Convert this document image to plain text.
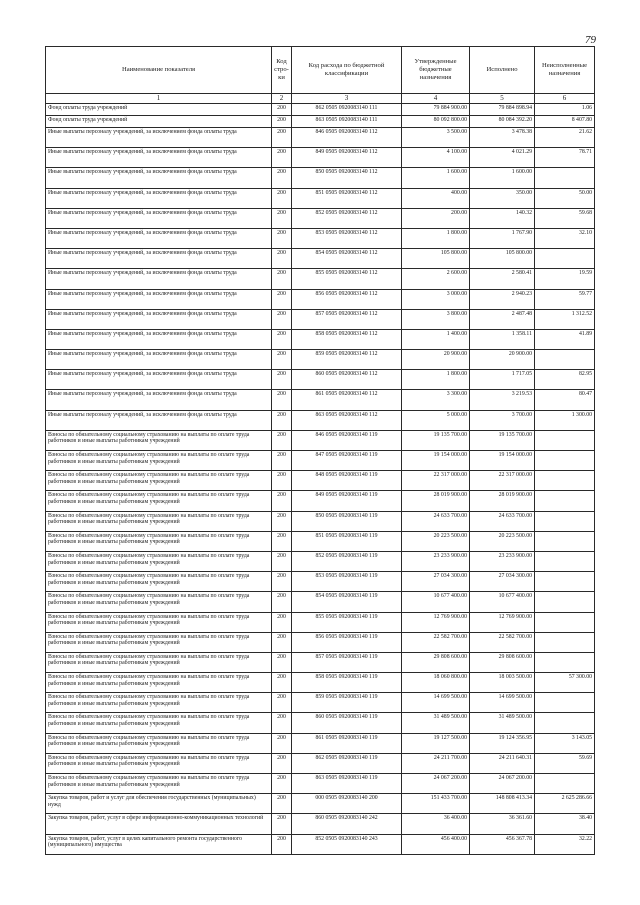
79
Наименование показателя	Код стро-ки	Код расхода по бюджетной классификации	Утвержденные бюджетные назначения	Исполнено	Неисполненные назначения
1	2	3	4	5	6
Фонд оплаты труда учреждений	200	862 0505 0920083140 111	79 884 900.00	79 884 898.94	1.06
Фонд оплаты труда учреждений	200	863 0505 0920083140 111	80 092 800.00	80 084 392.20	8 407.80
Иные выплаты персоналу учреждений, за исключением фонда оплаты труда	200	846 0505 0920083140 112	3 500.00	3 478.38	21.62
Иные выплаты персоналу учреждений, за исключением фонда оплаты труда	200	849 0505 0920083140 112	4 100.00	4 021.29	78.71
Иные выплаты персоналу учреждений, за исключением фонда оплаты труда	200	850 0505 0920083140 112	1 600.00	1 600.00	
Иные выплаты персоналу учреждений, за исключением фонда оплаты труда	200	851 0505 0920083140 112	400.00	350.00	50.00
Иные выплаты персоналу учреждений, за исключением фонда оплаты труда	200	852 0505 0920083140 112	200.00	140.32	59.68
Иные выплаты персоналу учреждений, за исключением фонда оплаты труда	200	853 0505 0920083140 112	1 800.00	1 767.90	32.10
Иные выплаты персоналу учреждений, за исключением фонда оплаты труда	200	854 0505 0920083140 112	105 800.00	105 800.00	
Иные выплаты персоналу учреждений, за исключением фонда оплаты труда	200	855 0505 0920083140 112	2 600.00	2 580.41	19.59
Иные выплаты персоналу учреждений, за исключением фонда оплаты труда	200	856 0505 0920083140 112	3 000.00	2 940.23	59.77
Иные выплаты персоналу учреждений, за исключением фонда оплаты труда	200	857 0505 0920083140 112	3 800.00	2 487.48	1 312.52
Иные выплаты персоналу учреждений, за исключением фонда оплаты труда	200	858 0505 0920083140 112	1 400.00	1 358.11	41.89
Иные выплаты персоналу учреждений, за исключением фонда оплаты труда	200	859 0505 0920083140 112	20 900.00	20 900.00	
Иные выплаты персоналу учреждений, за исключением фонда оплаты труда	200	860 0505 0920083140 112	1 800.00	1 717.05	82.95
Иные выплаты персоналу учреждений, за исключением фонда оплаты труда	200	861 0505 0920083140 112	3 300.00	3 219.53	80.47
Иные выплаты персоналу учреждений, за исключением фонда оплаты труда	200	863 0505 0920083140 112	5 000.00	3 700.00	1 300.00
Взносы по обязательному социальному страхованию на выплаты по оплате труда работников и иные выплаты работникам учреждений	200	846 0505 0920083140 119	19 135 700.00	19 135 700.00	
Взносы по обязательному социальному страхованию на выплаты по оплате труда работников и иные выплаты работникам учреждений	200	847 0505 0920083140 119	19 154 000.00	19 154 000.00	
Взносы по обязательному социальному страхованию на выплаты по оплате труда работников и иные выплаты работникам учреждений	200	848 0505 0920083140 119	22 317 000.00	22 317 000.00	
Взносы по обязательному социальному страхованию на выплаты по оплате труда работников и иные выплаты работникам учреждений	200	849 0505 0920083140 119	28 019 900.00	28 019 900.00	
Взносы по обязательному социальному страхованию на выплаты по оплате труда работников и иные выплаты работникам учреждений	200	850 0505 0920083140 119	24 633 700.00	24 633 700.00	
Взносы по обязательному социальному страхованию на выплаты по оплате труда работников и иные выплаты работникам учреждений	200	851 0505 0920083140 119	20 223 500.00	20 223 500.00	
Взносы по обязательному социальному страхованию на выплаты по оплате труда работников и иные выплаты работникам учреждений	200	852 0505 0920083140 119	23 233 900.00	23 233 900.00	
Взносы по обязательному социальному страхованию на выплаты по оплате труда работников и иные выплаты работникам учреждений	200	853 0505 0920083140 119	27 034 300.00	27 034 300.00	
Взносы по обязательному социальному страхованию на выплаты по оплате труда работников и иные выплаты работникам учреждений	200	854 0505 0920083140 119	10 677 400.00	10 677 400.00	
Взносы по обязательному социальному страхованию на выплаты по оплате труда работников и иные выплаты работникам учреждений	200	855 0505 0920083140 119	12 769 900.00	12 769 900.00	
Взносы по обязательному социальному страхованию на выплаты по оплате труда работников и иные выплаты работникам учреждений	200	856 0505 0920083140 119	22 582 700.00	22 582 700.00	
Взносы по обязательному социальному страхованию на выплаты по оплате труда работников и иные выплаты работникам учреждений	200	857 0505 0920083140 119	29 808 600.00	29 808 600.00	
Взносы по обязательному социальному страхованию на выплаты по оплате труда работников и иные выплаты работникам учреждений	200	858 0505 0920083140 119	18 060 800.00	18 003 500.00	57 300.00
Взносы по обязательному социальному страхованию на выплаты по оплате труда работников и иные выплаты работникам учреждений	200	859 0505 0920083140 119	14 699 500.00	14 699 500.00	
Взносы по обязательному социальному страхованию на выплаты по оплате труда работников и иные выплаты работникам учреждений	200	860 0505 0920083140 119	31 489 500.00	31 489 500.00	
Взносы по обязательному социальному страхованию на выплаты по оплате труда работников и иные выплаты работникам учреждений	200	861 0505 0920083140 119	19 127 500.00	19 124 356.95	3 143.05
Взносы по обязательному социальному страхованию на выплаты по оплате труда работников и иные выплаты работникам учреждений	200	862 0505 0920083140 119	24 211 700.00	24 211 640.31	59.69
Взносы по обязательному социальному страхованию на выплаты по оплате труда работников и иные выплаты работникам учреждений	200	863 0505 0920083140 119	24 067 200.00	24 067 200.00	
Закупка товаров, работ и услуг для обеспечения государственных (муниципальных) нужд	200	000 0505 0920083140 200	151 433 700.00	148 808 413.34	2 625 286.66
Закупка товаров, работ, услуг в сфере информационно-коммуникационных технологий	200	860 0505 0920083140 242	36 400.00	36 361.60	38.40
Закупка товаров, работ, услуг в целях капитального ремонта государственного (муниципального) имущества	200	852 0505 0920083140 243	456 400.00	456 367.78	32.22
